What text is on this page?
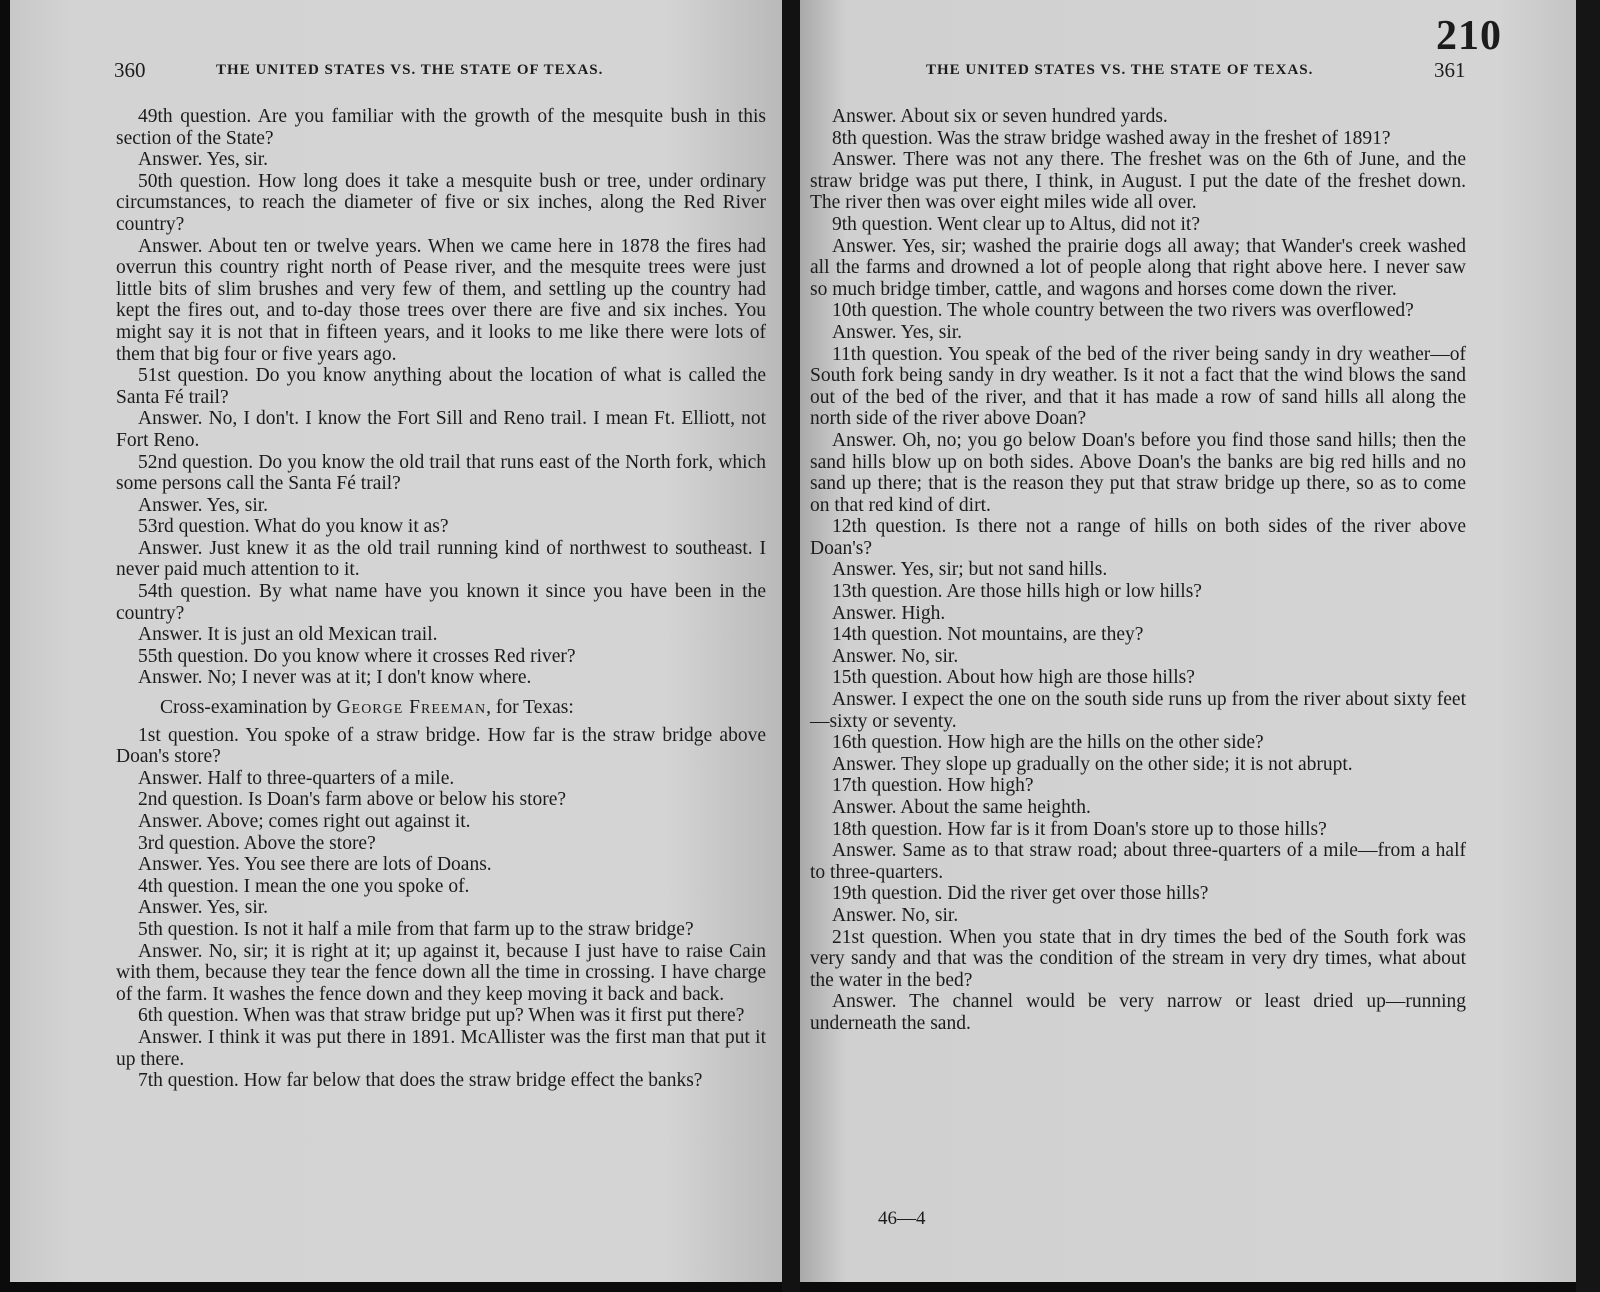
360	THE UNITED STATES VS. THE STATE OF TEXAS.

49th question. Are you familiar with the growth of the mesquite bush in this section of the State?

Answer. Yes, sir.

50th question. How long does it take a mesquite bush or tree, under ordinary circumstances, to reach the diameter of five or six inches, along the Red River country?

Answer. About ten or twelve years. When we came here in 1878 the fires had overrun this country right north of Pease river, and the mesquite trees were just little bits of slim brushes and very few of them, and settling up the country had kept the fires out, and to-day those trees over there are five and six inches. You might say it is not that in fifteen years, and it looks to me like there were lots of them that big four or five years ago.

51st question. Do you know anything about the location of what is called the Santa Fé trail?

Answer. No, I don't. I know the Fort Sill and Reno trail. I mean Ft. Elliott, not Fort Reno.

52nd question. Do you know the old trail that runs east of the North fork, which some persons call the Santa Fé trail?

Answer. Yes, sir.

53rd question. What do you know it as?

Answer. Just knew it as the old trail running kind of northwest to southeast. I never paid much attention to it.

54th question. By what name have you known it since you have been in the country?

Answer. It is just an old Mexican trail.

55th question. Do you know where it crosses Red river?

Answer. No; I never was at it; I don't know where.

Cross-examination by George Freeman, for Texas:

1st question. You spoke of a straw bridge. How far is the straw bridge above Doan's store?

Answer. Half to three-quarters of a mile.

2nd question. Is Doan's farm above or below his store?

Answer. Above; comes right out against it.

3rd question. Above the store?

Answer. Yes. You see there are lots of Doans.

4th question. I mean the one you spoke of.

Answer. Yes, sir.

5th question. Is not it half a mile from that farm up to the straw bridge?

Answer. No, sir; it is right at it; up against it, because I just have to raise Cain with them, because they tear the fence down all the time in crossing. I have charge of the farm. It washes the fence down and they keep moving it back and back.

6th question. When was that straw bridge put up? When was it first put there?

Answer. I think it was put there in 1891. McAllister was the first man that put it up there.

7th question. How far below that does the straw bridge effect the banks?

210
THE UNITED STATES VS. THE STATE OF TEXAS.	361

Answer. About six or seven hundred yards.

8th question. Was the straw bridge washed away in the freshet of 1891?

Answer. There was not any there. The freshet was on the 6th of June, and the straw bridge was put there, I think, in August. I put the date of the freshet down. The river then was over eight miles wide all over.

9th question. Went clear up to Altus, did not it?

Answer. Yes, sir; washed the prairie dogs all away; that Wander's creek washed all the farms and drowned a lot of people along that right above here. I never saw so much bridge timber, cattle, and wagons and horses come down the river.

10th question. The whole country between the two rivers was overflowed?

Answer. Yes, sir.

11th question. You speak of the bed of the river being sandy in dry weather—of South fork being sandy in dry weather. Is it not a fact that the wind blows the sand out of the bed of the river, and that it has made a row of sand hills all along the north side of the river above Doan?

Answer. Oh, no; you go below Doan's before you find those sand hills; then the sand hills blow up on both sides. Above Doan's the banks are big red hills and no sand up there; that is the reason they put that straw bridge up there, so as to come on that red kind of dirt.

12th question. Is there not a range of hills on both sides of the river above Doan's?

Answer. Yes, sir; but not sand hills.

13th question. Are those hills high or low hills?

Answer. High.

14th question. Not mountains, are they?

Answer. No, sir.

15th question. About how high are those hills?

Answer. I expect the one on the south side runs up from the river about sixty feet—sixty or seventy.

16th question. How high are the hills on the other side?

Answer. They slope up gradually on the other side; it is not abrupt.

17th question. How high?

Answer. About the same heighth.

18th question. How far is it from Doan's store up to those hills?

Answer. Same as to that straw road; about three-quarters of a mile—from a half to three-quarters.

19th question. Did the river get over those hills?

Answer. No, sir.

21st question. When you state that in dry times the bed of the South fork was very sandy and that was the condition of the stream in very dry times, what about the water in the bed?

Answer. The channel would be very narrow or least dried up—running underneath the sand.

46—4
